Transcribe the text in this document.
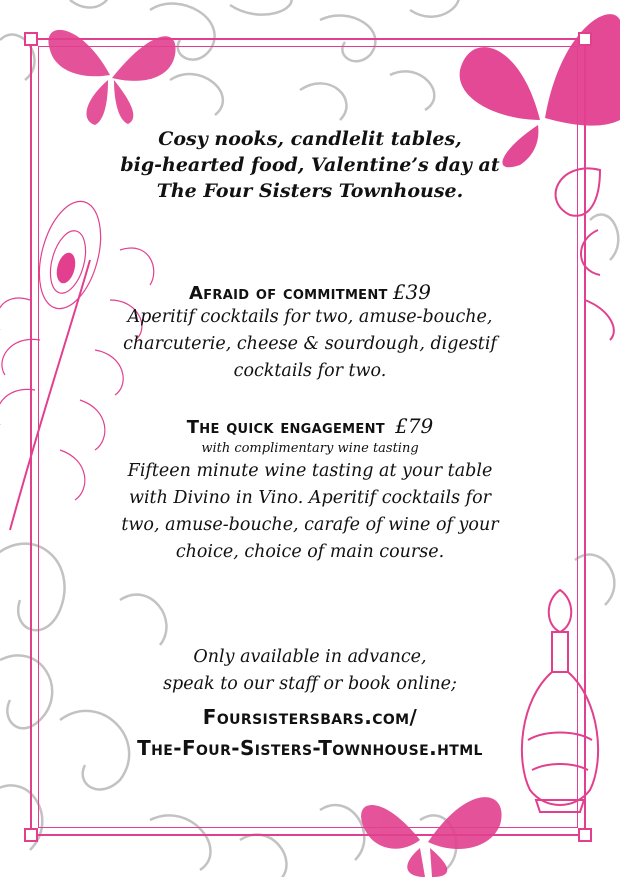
Cosy nooks, candlelit tables,
big-hearted food, Valentine’s day at
The Four Sisters Townhouse.
Afraid of commitment £39
Aperitif cocktails for two, amuse-bouche,
charcuterie, cheese & sourdough, digestif
cocktails for two.
The quick engagement £79
with complimentary wine tasting
Fifteen minute wine tasting at your table
with Divino in Vino. Aperitif cocktails for
two, amuse-bouche, carafe of wine of your
choice, choice of main course.
Only available in advance,
speak to our staff or book online;
Foursistersbars.com/
The-Four-Sisters-Townhouse.html
